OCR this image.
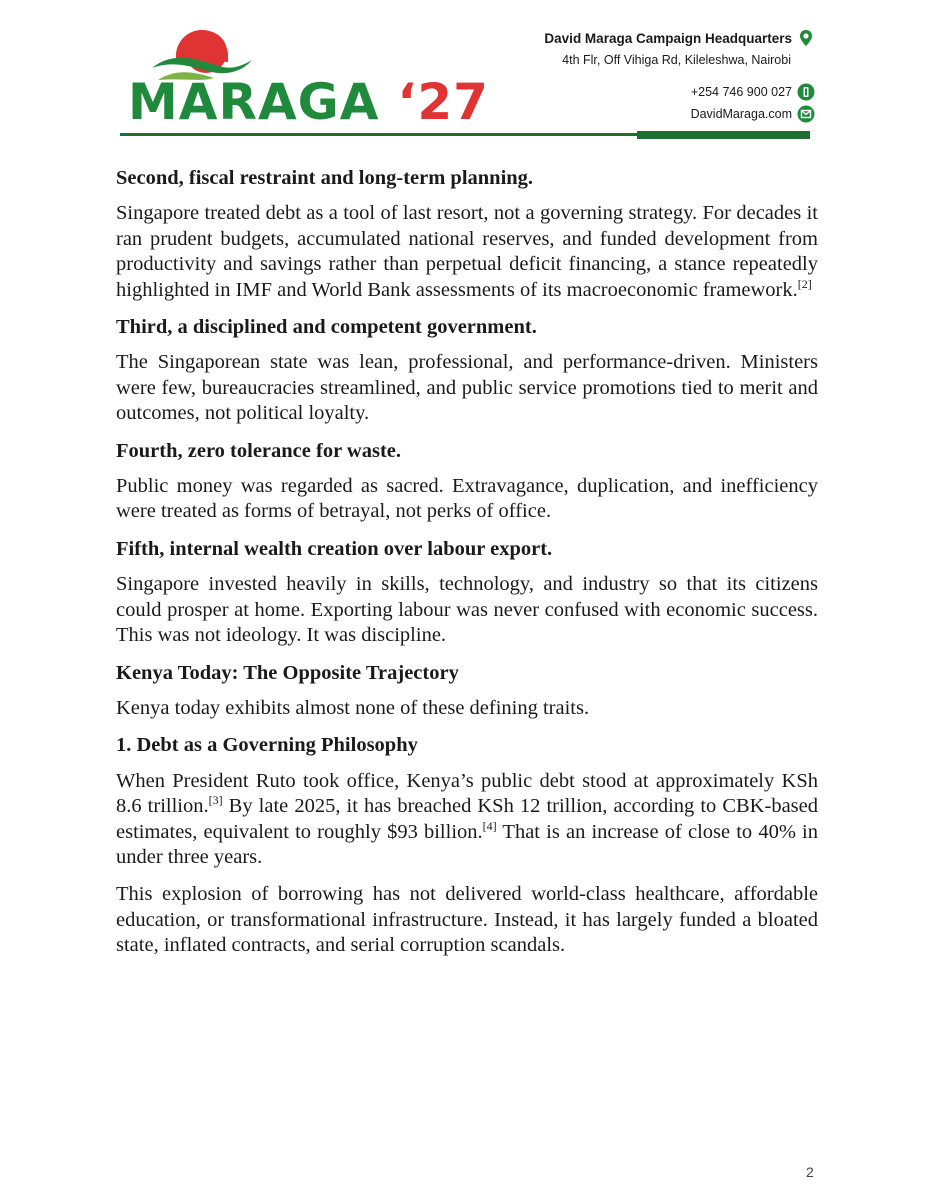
MARAGA ‘27
David Maraga Campaign Headquarters
4th Flr, Off Vihiga Rd, Kileleshwa, Nairobi
+254 746 900 027
DavidMaraga.com
Second, fiscal restraint and long-term planning.

Singapore treated debt as a tool of last resort, not a governing strategy. For decades it ran prudent budgets, accumulated national reserves, and funded development from productivity and savings rather than perpetual deficit financing, a stance repeatedly highlighted in IMF and World Bank assessments of its macroeconomic framework.[2]

Third, a disciplined and competent government.

The Singaporean state was lean, professional, and performance-driven. Ministers were few, bureaucracies streamlined, and public service promotions tied to merit and outcomes, not political loyalty.

Fourth, zero tolerance for waste.

Public money was regarded as sacred. Extravagance, duplication, and inefficiency were treated as forms of betrayal, not perks of office.

Fifth, internal wealth creation over labour export.

Singapore invested heavily in skills, technology, and industry so that its citizens could prosper at home. Exporting labour was never confused with economic success. This was not ideology. It was discipline.

Kenya Today: The Opposite Trajectory

Kenya today exhibits almost none of these defining traits.

1. Debt as a Governing Philosophy

When President Ruto took office, Kenya’s public debt stood at approximately KSh 8.6 trillion.[3] By late 2025, it has breached KSh 12 trillion, according to CBK-based estimates, equivalent to roughly $93 billion.[4] That is an increase of close to 40% in under three years.

This explosion of borrowing has not delivered world-class healthcare, affordable education, or transformational infrastructure. Instead, it has largely funded a bloated state, inflated contracts, and serial corruption scandals.

2
